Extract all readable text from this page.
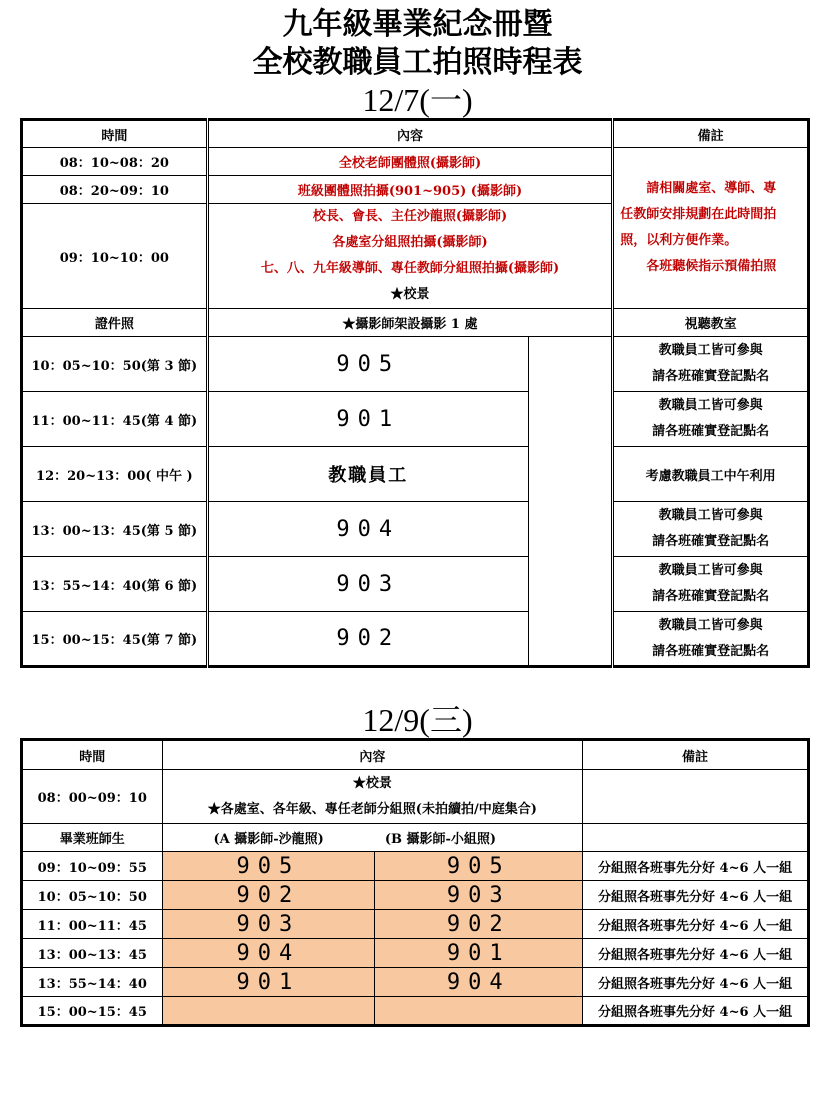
九年級畢業紀念冊暨
全校教職員工拍照時程表
12/7(一)
時間	內容		備註
08：10~08：20	全校老師團體照(攝影師)		請相關處室、導師、專
任教師安排規劃在此時間拍
照，以利方便作業。
各班聽候指示預備拍照

08：20~09：10	班級團體照拍攝(901~905) (攝影師)		
09：10~10：00	校長、會長、主任沙龍照(攝影師)
各處室分組照拍攝(攝影師)
七、八、九年級導師、專任教師分組照拍攝(攝影師)
★校景		

證件照	★攝影師架設攝影 1 處		視聽教室
10：05~10：50(第 3 節)	905		教職員工皆可參與
請各班確實登記點名

11：00~11：45(第 4 節)	901		教職員工皆可參與
請各班確實登記點名

12：20~13：00( 中午 )	教職員工		考慮教職員工中午利用

13：00~13：45(第 5 節)	904		教職員工皆可參與
請各班確實登記點名

13：55~14：40(第 6 節)	903		教職員工皆可參與
請各班確實登記點名

15：00~15：45(第 7 節)	902		教職員工皆可參與
請各班確實登記點名
12/9(三)
時間	內容		備註
08：00~09：10	★校景
★各處室、各年級、專任老師分組照(未拍續拍/中庭集合)		

畢業班師生	(A 攝影師-沙龍照)	(B 攝影師-小組照)	
09：10~09：55	905	905	分組照各班事先分好 4~6 人一組
10：05~10：50	902	903	分組照各班事先分好 4~6 人一組
11：00~11：45	903	902	分組照各班事先分好 4~6 人一組
13：00~13：45	904	901	分組照各班事先分好 4~6 人一組
13：55~14：40	901	904	分組照各班事先分好 4~6 人一組
15：00~15：45			分組照各班事先分好 4~6 人一組
